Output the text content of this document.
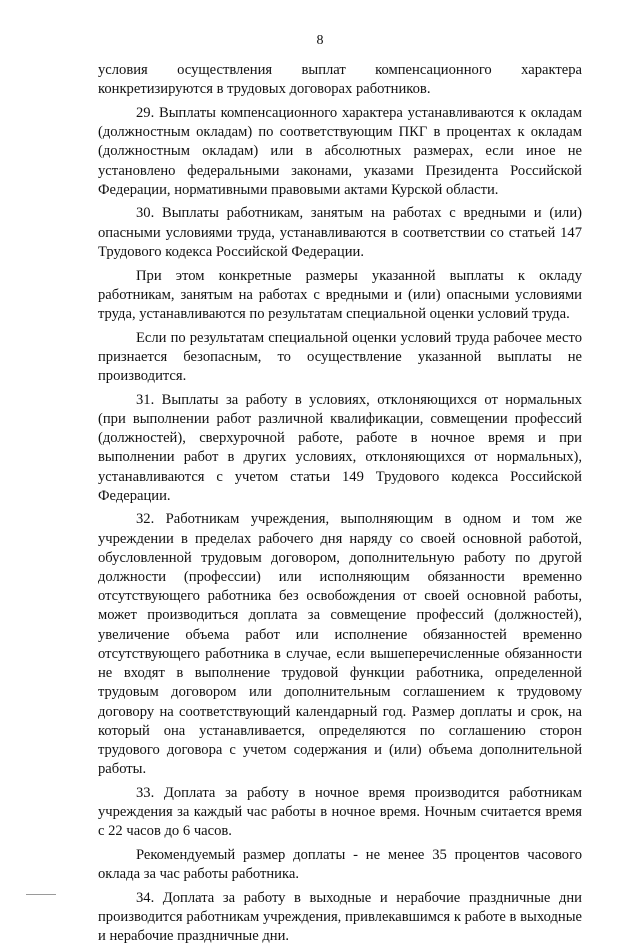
8

условия осуществления выплат компенсационного характера конкретизируются в трудовых договорах работников.

29. Выплаты компенсационного характера устанавливаются к окладам (должностным окладам) по соответствующим ПКГ в процентах к окладам (должностным окладам) или в абсолютных размерах, если иное не установлено федеральными законами, указами Президента Российской Федерации, нормативными правовыми актами Курской области.

30. Выплаты работникам, занятым на работах с вредными и (или) опасными условиями труда, устанавливаются в соответствии со статьей 147 Трудового кодекса Российской Федерации.

При этом конкретные размеры указанной выплаты к окладу работникам, занятым на работах с вредными и (или) опасными условиями труда, устанавливаются по результатам специальной оценки условий труда.

Если по результатам специальной оценки условий труда рабочее место признается безопасным, то осуществление указанной выплаты не производится.

31. Выплаты за работу в условиях, отклоняющихся от нормальных (при выполнении работ различной квалификации, совмещении профессий (должностей), сверхурочной работе, работе в ночное время и при выполнении работ в других условиях, отклоняющихся от нормальных), устанавливаются с учетом статьи 149 Трудового кодекса Российской Федерации.

32. Работникам учреждения, выполняющим в одном и том же учреждении в пределах рабочего дня наряду со своей основной работой, обусловленной трудовым договором, дополнительную работу по другой должности (профессии) или исполняющим обязанности временно отсутствующего работника без освобождения от своей основной работы, может производиться доплата за совмещение профессий (должностей), увеличение объема работ или исполнение обязанностей временно отсутствующего работника в случае, если вышеперечисленные обязанности не входят в выполнение трудовой функции работника, определенной трудовым договором или дополнительным соглашением к трудовому договору на соответствующий календарный год. Размер доплаты и срок, на который она устанавливается, определяются по соглашению сторон трудового договора с учетом содержания и (или) объема дополнительной работы.

33. Доплата за работу в ночное время производится работникам учреждения за каждый час работы в ночное время. Ночным считается время с 22 часов до 6 часов.

Рекомендуемый размер доплаты - не менее 35 процентов часового оклада за час работы работника.

34. Доплата за работу в выходные и нерабочие праздничные дни производится работникам учреждения, привлекавшимся к работе в выходные и нерабочие праздничные дни.
